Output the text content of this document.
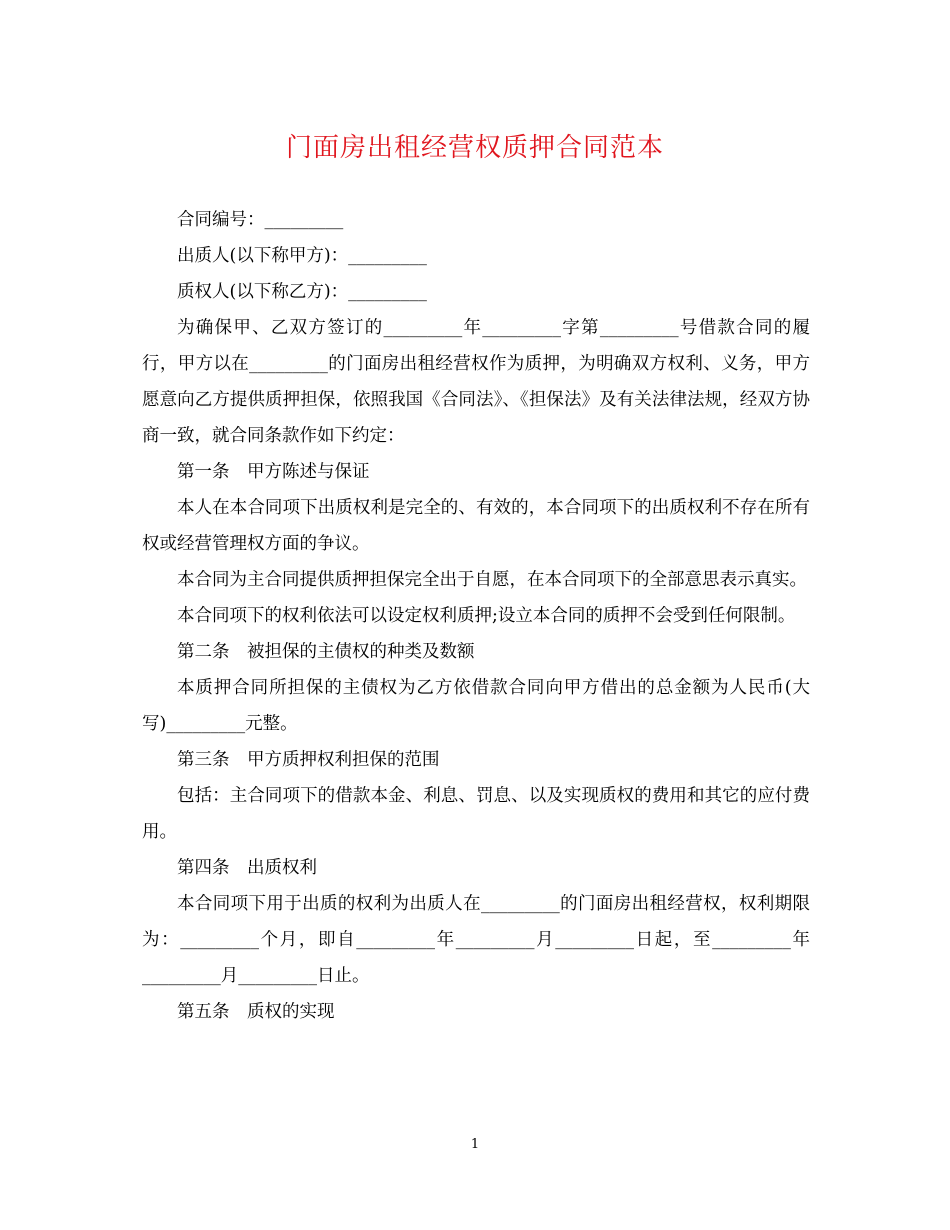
门面房出租经营权质押合同范本

合同编号：_________

出质人(以下称甲方)：_________

质权人(以下称乙方)：_________

为确保甲、乙双方签订的_________年_________字第_________号借款合同的履行，甲方以在_________的门面房出租经营权作为质押，为明确双方权利、义务，甲方愿意向乙方提供质押担保，依照我国《合同法》、《担保法》及有关法律法规，经双方协商一致，就合同条款作如下约定：

第一条　甲方陈述与保证

本人在本合同项下出质权利是完全的、有效的，本合同项下的出质权利不存在所有权或经营管理权方面的争议。

本合同为主合同提供质押担保完全出于自愿，在本合同项下的全部意思表示真实。

本合同项下的权利依法可以设定权利质押;设立本合同的质押不会受到任何限制。

第二条　被担保的主债权的种类及数额

本质押合同所担保的主债权为乙方依借款合同向甲方借出的总金额为人民币(大写)_________元整。

第三条　甲方质押权利担保的范围

包括：主合同项下的借款本金、利息、罚息、以及实现质权的费用和其它的应付费用。

第四条　出质权利

本合同项下用于出质的权利为出质人在_________的门面房出租经营权，权利期限为：_________个月，即自_________年_________月_________日起，至_________年_________月_________日止。

第五条　质权的实现

1
